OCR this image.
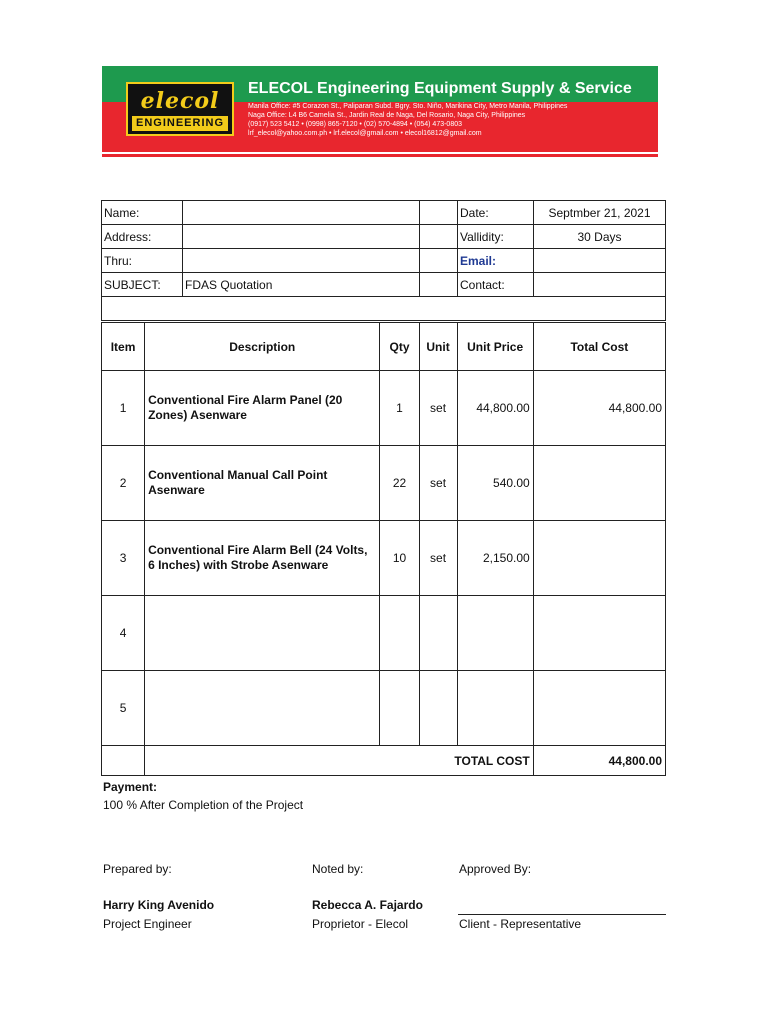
elecol
ENGINEERING
ELECOL Engineering Equipment Supply & Service
Manila Office: #5 Corazon St., Paliparan Subd. Bgry. Sto. Niño, Marikina City, Metro Manila, Philippines
Naga Office: L4 B6 Camelia St., Jardin Real de Naga, Del Rosario, Naga City, Philippines
(0917) 523 5412 • (0998) 865-7120 • (02) 570-4894 • (054) 473-0803
lrf_elecol@yahoo.com.ph • lrf.elecol@gmail.com • elecol16812@gmail.com
Name:			Date:	Septmber 21, 2021
Address:			Vallidity:	30 Days
Thru:			Email:	
SUBJECT:	FDAS Quotation		Contact:	

Item	Description	Qty	Unit	Unit Price	Total Cost
1	Conventional Fire Alarm Panel (20 Zones) Asenware	1	set	44,800.00	44,800.00
2	Conventional Manual Call Point Asenware	22	set	540.00	
3	Conventional Fire Alarm Bell (24 Volts, 6 Inches) with Strobe Asenware	10	set	2,150.00	
4					
5					
	TOTAL COST				44,800.00
Payment:
100 % After Completion of the Project
Prepared by:	Noted by:	Approved By:
Harry King Avenido	Rebecca A. Fajardo
Project Engineer	Proprietor - Elecol	Client - Representative
